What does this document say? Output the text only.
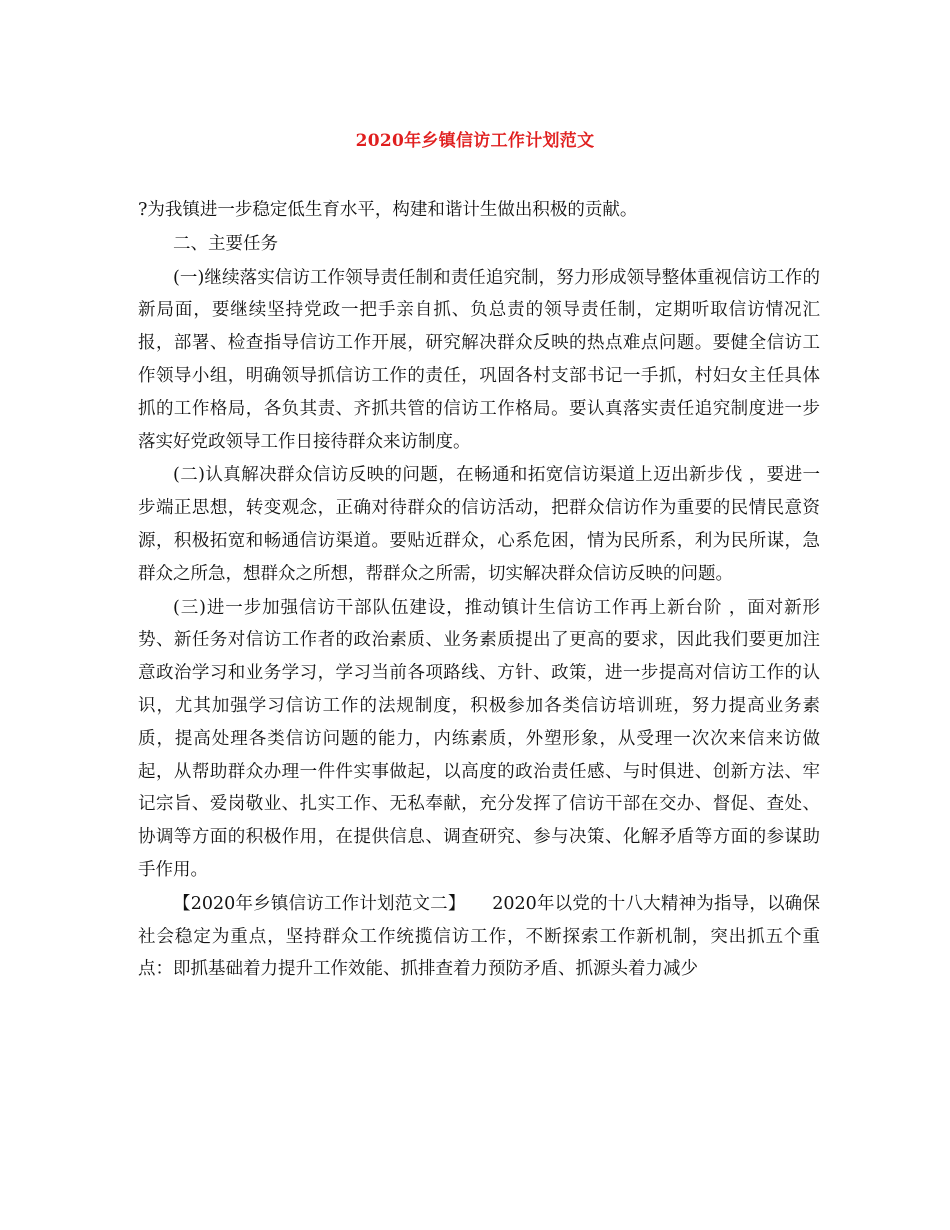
2020年乡镇信访工作计划范文

?为我镇进一步稳定低生育水平，构建和谐计生做出积极的贡献。

二、主要任务

(一)继续落实信访工作领导责任制和责任追究制，努力形成领导整体重视信访工作的新局面，要继续坚持党政一把手亲自抓、负总责的领导责任制，定期听取信访情况汇报，部署、检查指导信访工作开展，研究解决群众反映的热点难点问题。要健全信访工作领导小组，明确领导抓信访工作的责任，巩固各村支部书记一手抓，村妇女主任具体抓的工作格局，各负其责、齐抓共管的信访工作格局。要认真落实责任追究制度进一步落实好党政领导工作日接待群众来访制度。

(二)认真解决群众信访反映的问题，在畅通和拓宽信访渠道上迈出新步伐 ，要进一步端正思想，转变观念，正确对待群众的信访活动，把群众信访作为重要的民情民意资源，积极拓宽和畅通信访渠道。要贴近群众，心系危困，情为民所系，利为民所谋，急群众之所急，想群众之所想，帮群众之所需，切实解决群众信访反映的问题。

(三)进一步加强信访干部队伍建设，推动镇计生信访工作再上新台阶 ，面对新形势、新任务对信访工作者的政治素质、业务素质提出了更高的要求，因此我们要更加注意政治学习和业务学习，学习当前各项路线、方针、政策，进一步提高对信访工作的认识，尤其加强学习信访工作的法规制度，积极参加各类信访培训班，努力提高业务素质，提高处理各类信访问题的能力，内练素质，外塑形象，从受理一次次来信来访做起，从帮助群众办理一件件实事做起，以高度的政治责任感、与时俱进、创新方法、牢记宗旨、爱岗敬业、扎实工作、无私奉献，充分发挥了信访干部在交办、督促、查处、协调等方面的积极作用，在提供信息、调查研究、参与决策、化解矛盾等方面的参谋助手作用。

【2020年乡镇信访工作计划范文二】　　2020年以党的十八大精神为指导，以确保社会稳定为重点，坚持群众工作统揽信访工作，不断探索工作新机制，突出抓五个重点：即抓基础着力提升工作效能、抓排查着力预防矛盾、抓源头着力减少
